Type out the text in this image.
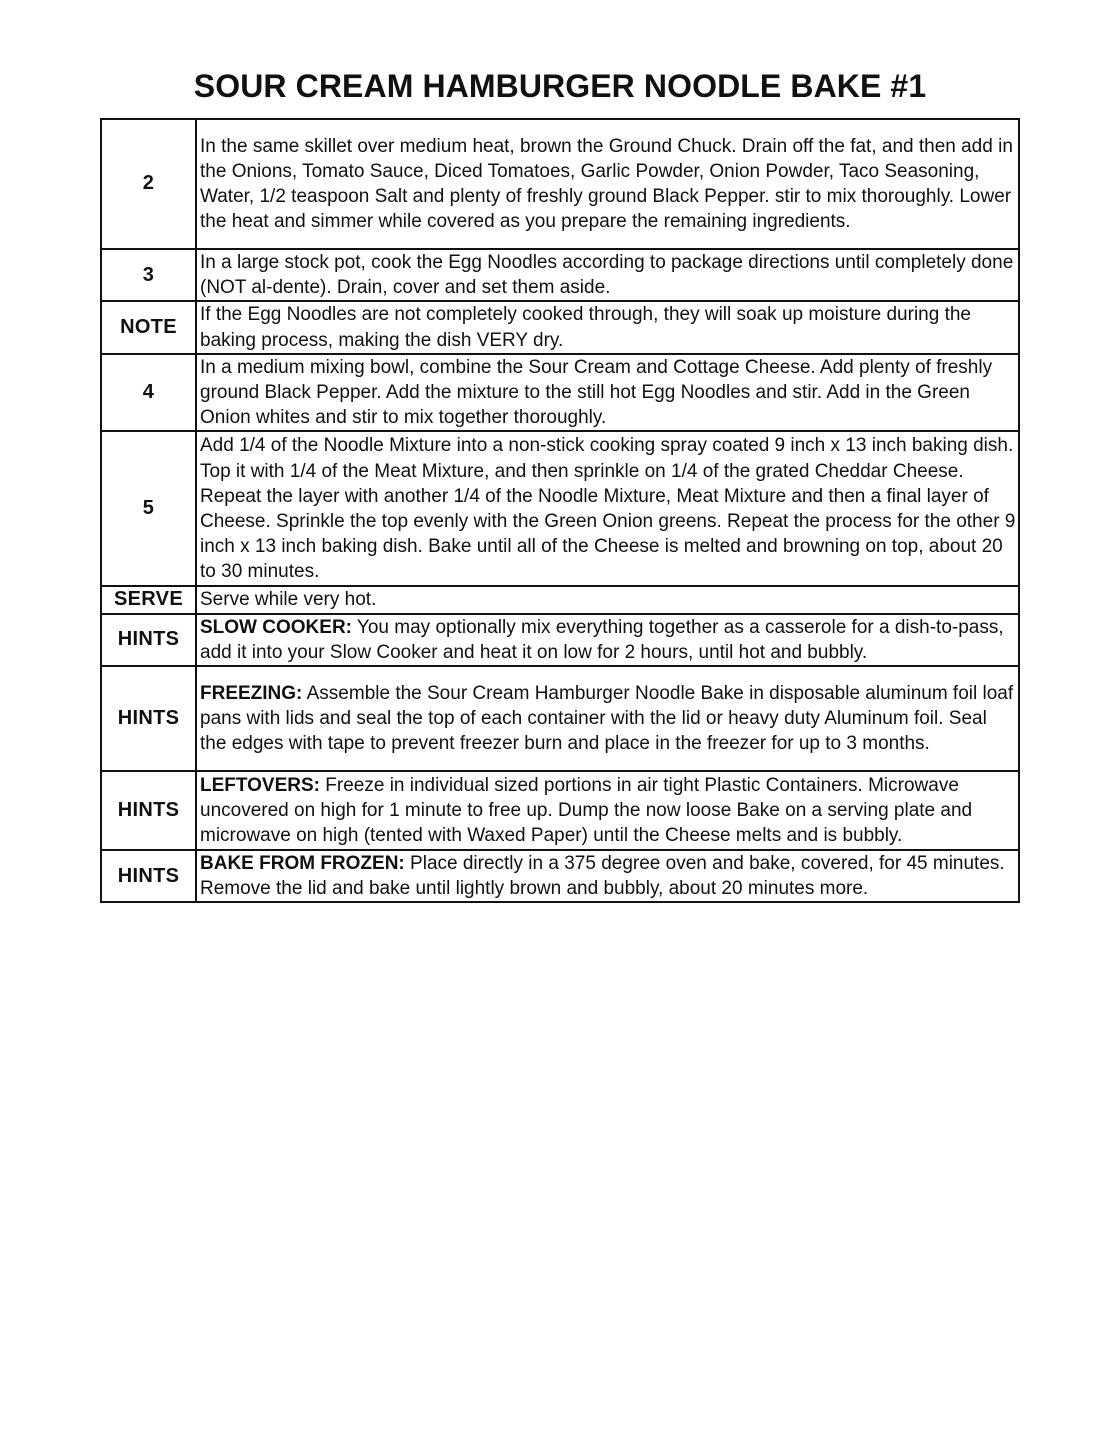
SOUR CREAM HAMBURGER NOODLE BAKE #1
2	In the same skillet over medium heat, brown the Ground Chuck. Drain off the fat, and then add in the Onions, Tomato Sauce, Diced Tomatoes, Garlic Powder, Onion Powder, Taco Seasoning, Water, 1/2 teaspoon Salt and plenty of freshly ground Black Pepper. stir to mix thoroughly. Lower the heat and simmer while covered as you prepare the remaining ingredients.
3	In a large stock pot, cook the Egg Noodles according to package directions until completely done (NOT al-dente). Drain, cover and set them aside.
NOTE	If the Egg Noodles are not completely cooked through, they will soak up moisture during the baking process, making the dish VERY dry.
4	In a medium mixing bowl, combine the Sour Cream and Cottage Cheese. Add plenty of freshly ground Black Pepper. Add the mixture to the still hot Egg Noodles and stir. Add in the Green Onion whites and stir to mix together thoroughly.
5	Add 1/4 of the Noodle Mixture into a non-stick cooking spray coated 9 inch x 13 inch baking dish. Top it with 1/4 of the Meat Mixture, and then sprinkle on 1/4 of the grated Cheddar Cheese. Repeat the layer with another 1/4 of the Noodle Mixture, Meat Mixture and then a final layer of Cheese. Sprinkle the top evenly with the Green Onion greens. Repeat the process for the other 9 inch x 13 inch baking dish. Bake until all of the Cheese is melted and browning on top, about 20 to 30 minutes.
SERVE	Serve while very hot.
HINTS	SLOW COOKER: You may optionally mix everything together as a casserole for a dish-to-pass, add it into your Slow Cooker and heat it on low for 2 hours, until hot and bubbly.
HINTS	FREEZING: Assemble the Sour Cream Hamburger Noodle Bake in disposable aluminum foil loaf pans with lids and seal the top of each container with the lid or heavy duty Aluminum foil. Seal the edges with tape to prevent freezer burn and place in the freezer for up to 3 months.
HINTS	LEFTOVERS: Freeze in individual sized portions in air tight Plastic Containers. Microwave uncovered on high for 1 minute to free up. Dump the now loose Bake on a serving plate and microwave on high (tented with Waxed Paper) until the Cheese melts and is bubbly.
HINTS	BAKE FROM FROZEN: Place directly in a 375 degree oven and bake, covered, for 45 minutes. Remove the lid and bake until lightly brown and bubbly, about 20 minutes more.
